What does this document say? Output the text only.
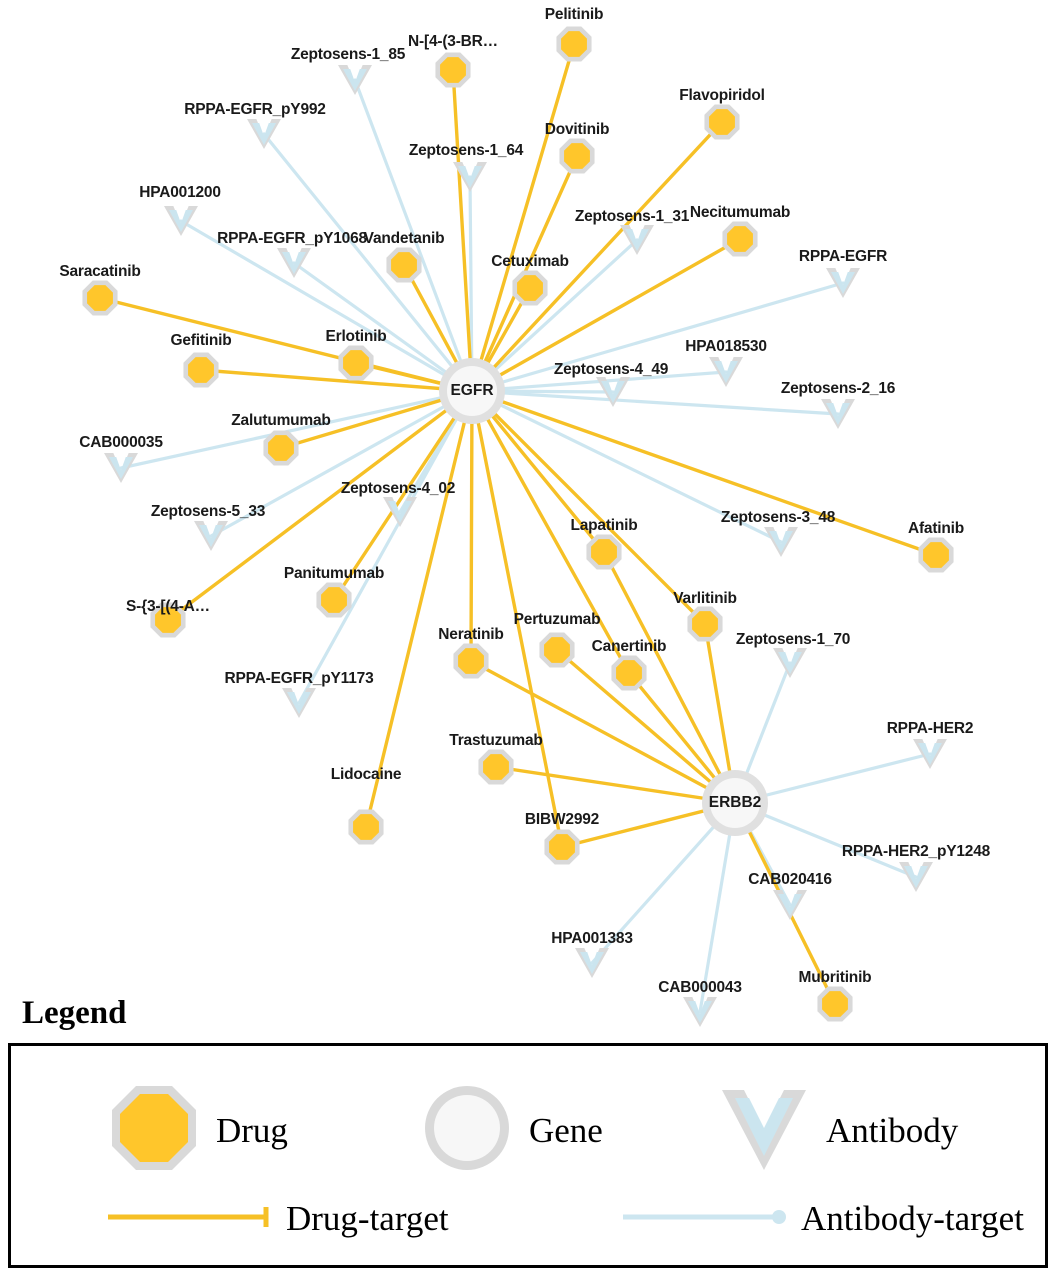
Pelitinib
N-[4-(3-BR…
Flavopiridol
Dovitinib
Necitumumab
Vandetanib
Cetuximab
Saracatinib
Gefitinib	Erlotinib
Zalutumumab
Afatinib
Lapatinib
Varlitinib
Panitumumab
S-{3-[(4-A…
Pertuzumab
Neratinib
Canertinib
Trastuzumab
Lidocaine
BIBW2992
Mubritinib
Zeptosens-1_85
RPPA-EGFR_pY992
Zeptosens-1_64
HPA001200
Zeptosens-1_31
RPPA-EGFR_pY1068
RPPA-EGFR
HPA018530
Zeptosens-4_49
Zeptosens-2_16
CAB000035
Zeptosens-5_33
Zeptosens-4_02
Zeptosens-3_48
Zeptosens-1_70
RPPA-EGFR_pY1173
RPPA-HER2
RPPA-HER2_pY1248
CAB020416
HPA001383
CAB000043
EGFR
ERBB2
Legend
Drug	Gene	Antibody
Drug-target	Antibody-target
